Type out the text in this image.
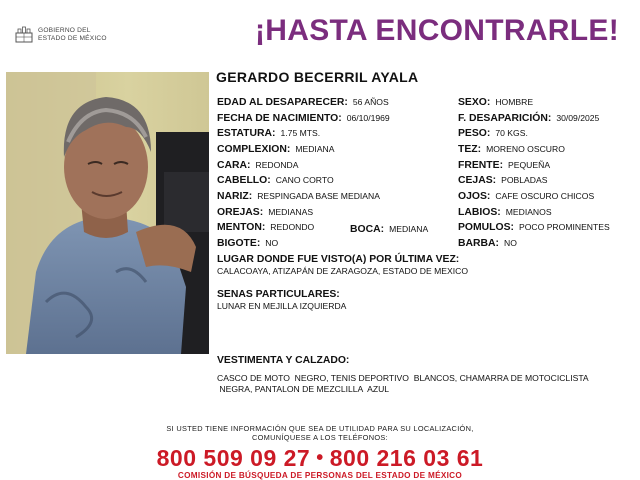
GOBIERNO DEL
ESTADO DE MÉXICO	¡HASTA ENCONTRARLE!
GERARDO BECERRIL AYALA
EDAD AL DESAPARECER: 56 AÑOS
FECHA DE NACIMIENTO: 06/10/1969
ESTATURA: 1.75 MTS.
COMPLEXION: MEDIANA
CARA: REDONDA
CABELLO: CANO CORTO
NARIZ: RESPINGADA BASE MEDIANA
OREJAS: MEDIANAS
MENTON: REDONDO
BIGOTE: NO
BOCA: MEDIANA
SEXO: HOMBRE
F. DESAPARICIÓN: 30/09/2025
PESO: 70 KGS.
TEZ: MORENO OSCURO
FRENTE: PEQUEÑA
CEJAS: POBLADAS
OJOS: CAFE OSCURO CHICOS
LABIOS: MEDIANOS
POMULOS: POCO PROMINENTES
BARBA: NO
LUGAR DONDE FUE VISTO(A) POR ÚLTIMA VEZ:
CALACOAYA, ATIZAPÁN DE ZARAGOZA, ESTADO DE MEXICO
SENAS PARTICULARES:
LUNAR EN MEJILLA IZQUIERDA
VESTIMENTA Y CALZADO:
CASCO DE MOTO  NEGRO, TENIS DEPORTIVO  BLANCOS, CHAMARRA DE MOTOCICLISTA
NEGRA, PANTALON DE MEZCLILLA  AZUL
SI USTED TIENE INFORMACIÓN QUE SEA DE UTILIDAD PARA SU LOCALIZACIÓN,
COMUNÍQUESE A LOS TELÉFONOS:
800 509 09 27 • 800 216 03 61
COMISIÓN DE BÚSQUEDA DE PERSONAS DEL ESTADO DE MÉXICO
